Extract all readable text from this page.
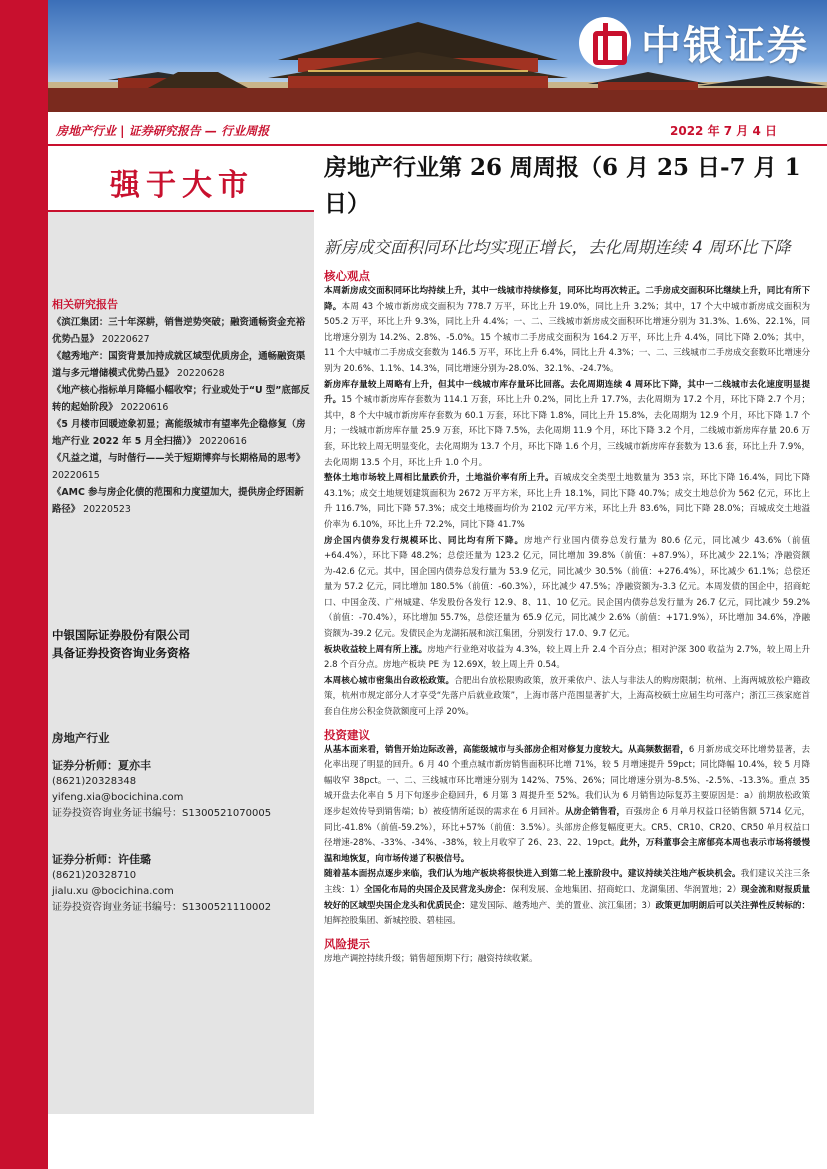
中银证券
房地产行业 | 证券研究报告 — 行业周报	2022 年 7 月 4 日
强于大市
相关研究报告
《滨江集团：三十年深耕，销售逆势突破；融资通畅资金充裕优势凸显》 20220627
《越秀地产：国资背景加持成就区域型优质房企，通畅融资渠道与多元增储模式优势凸显》 20220628
《地产核心指标单月降幅小幅收窄；行业或处于“U 型”底部反转的起始阶段》 20220616
《5 月楼市回暖迹象初显；高能级城市有望率先企稳修复（房地产行业 2022 年 5 月全扫描）》 20220616
《凡益之道，与时偕行——关于短期博弈与长期格局的思考》 20220615
《AMC 参与房企化债的范围和力度望加大，提供房企纾困新路径》 20220523
中银国际证券股份有限公司
具备证券投资咨询业务资格
房地产行业
证券分析师：夏亦丰
(8621)20328348
yifeng.xia@bocichina.com
证券投资咨询业务证书编号：S1300521070005
证券分析师：许佳璐
(8621)20328710
jialu.xu @bocichina.com
证券投资咨询业务证书编号：S1300521110002
房地产行业第 26 周周报（6 月 25 日-7 月 1 日）
新房成交面积同环比均实现正增长，去化周期连续 4 周环比下降
核心观点
本周新房成交面积同环比均持续上升，其中一线城市持续修复，同环比均再次转正。二手房成交面积环比继续上升，同比有所下降。本周 43 个城市新房成交面积为 778.7 万平，环比上升 19.0%，同比上升 3.2%；其中，17 个大中城市新房成交面积为 505.2 万平，环比上升 9.3%，同比上升 4.4%；一、二、三线城市新房成交面积环比增速分别为 31.3%、1.6%、22.1%，同比增速分别为 14.2%、2.8%、-5.0%。15 个城市二手房成交面积为 164.2 万平，环比上升 4.4%，同比下降 2.0%；其中，11 个大中城市二手房成交套数为 146.5 万平，环比上升 6.4%，同比上升 4.3%；一、二、三线城市二手房成交套数环比增速分别为 20.6%、1.1%、14.3%，同比增速分别为-28.0%、32.1%、-24.7%。
新房库存量较上周略有上升，但其中一线城市库存量环比回落。去化周期连续 4 周环比下降，其中一二线城市去化速度明显提升。15 个城市新房库存套数为 114.1 万套，环比上升 0.2%，同比上升 17.7%，去化周期为 17.2 个月，环比下降 2.7 个月；其中，8 个大中城市新房库存套数为 60.1 万套，环比下降 1.8%，同比上升 15.8%，去化周期为 12.9 个月，环比下降 1.7 个月；一线城市新房库存量 25.9 万套，环比下降 7.5%，去化周期 11.9 个月，环比下降 3.2 个月，二线城市新房库存量 20.6 万套，环比较上周无明显变化，去化周期为 13.7 个月，环比下降 1.6 个月，三线城市新房库存套数为 13.6 套，环比上升 7.9%，去化周期 13.5 个月，环比上升 1.0 个月。
整体土地市场较上周相比量跌价升，土地溢价率有所上升。百城成交全类型土地数量为 353 宗，环比下降 16.4%，同比下降 43.1%；成交土地规划建筑面积为 2672 万平方米，环比上升 18.1%，同比下降 40.7%；成交土地总价为 562 亿元，环比上升 116.7%，同比下降 57.3%；成交土地楼面均价为 2102 元/平方米，环比上升 83.6%，同比下降 28.0%；百城成交土地溢价率为 6.10%，环比上升 72.2%，同比下降 41.7%
房企国内债券发行规模环比、同比均有所下降。房地产行业国内债券总发行量为 80.6 亿元，同比减少 43.6%（前值+64.4%），环比下降 48.2%；总偿还量为 123.2 亿元，同比增加 39.8%（前值：+87.9%），环比减少 22.1%；净融资额为-42.6 亿元。其中，国企国内债券总发行量为 53.9 亿元，同比减少 30.5%（前值：+276.4%），环比减少 61.1%；总偿还量为 57.2 亿元，同比增加 180.5%（前值：-60.3%），环比减少 47.5%；净融资额为-3.3 亿元。本周发债的国企中，招商蛇口、中国金茂、广州城建、华发股份各发行 12.9、8、11、10 亿元。民企国内债券总发行量为 26.7 亿元，同比减少 59.2%（前值：-70.4%），环比增加 55.7%，总偿还量为 65.9 亿元，同比减少 2.6%（前值：+171.9%），环比增加 34.6%，净融资额为-39.2 亿元。发债民企为龙湖拓展和滨江集团，分别发行 17.0、9.7 亿元。
板块收益较上周有所上涨。房地产行业绝对收益为 4.3%，较上周上升 2.4 个百分点；相对沪深 300 收益为 2.7%，较上周上升 2.8 个百分点。房地产板块 PE 为 12.69X，较上周上升 0.54。
本周核心城市密集出台政松政策。合肥出台放松限购政策，放开乘依户、法人与非法人的购房限制；杭州、上海两城放松户籍政策，杭州市规定部分人才享受“先落户后就业政策”，上海市落户范围显著扩大，上海高校硕士应届生均可落户；浙江三孩家庭首套自住房公积金贷款额度可上浮 20%。
投资建议
从基本面来看，销售开始边际改善，高能级城市与头部房企相对修复力度较大。从高频数据看，6 月新房成交环比增势显著，去化率出现了明显的回升。6 月 40 个重点城市新房销售面积环比增 71%，较 5 月增速提升 59pct；同比降幅 10.4%，较 5 月降幅收窄 38pct。一、二、三线城市环比增速分别为 142%、75%、26%；同比增速分别为-8.5%、-2.5%、-13.3%。重点 35 城开盘去化率自 5 月下旬逐步企稳回升，6 月第 3 周提升至 52%。我们认为 6 月销售边际复苏主要原因是：a）前期放松政策逐步起效传导到销售端；b）被疫情所延误的需求在 6 月回补。从房企销售看，百强房企 6 月单月权益口径销售额 5714 亿元，同比-41.8%（前值-59.2%），环比+57%（前值：3.5%）。头部房企修复幅度更大。CR5、CR10、CR20、CR50 单月权益口径增速-28%、-33%、-34%、-38%，较上月收窄了 26、23、22、19pct。此外，万科董事会主席郁亮本周也表示市场将缓慢温和地恢复，向市场传递了积极信号。
随着基本面拐点逐步来临，我们认为地产板块将很快进入到第二轮上涨阶段中。建议持续关注地产板块机会。我们建议关注三条主线：1）全国化布局的央国企及民营龙头房企：保利发展、金地集团、招商蛇口、龙湖集团、华润置地；2）现金流和财报质量较好的区域型央国企龙头和优质民企：建发国际、越秀地产、美的置业、滨江集团；3）政策更加明朗后可以关注弹性反转标的：旭辉控股集团、新城控股、碧桂园。
风险提示
房地产调控持续升级；销售超预期下行；融资持续收紧。
